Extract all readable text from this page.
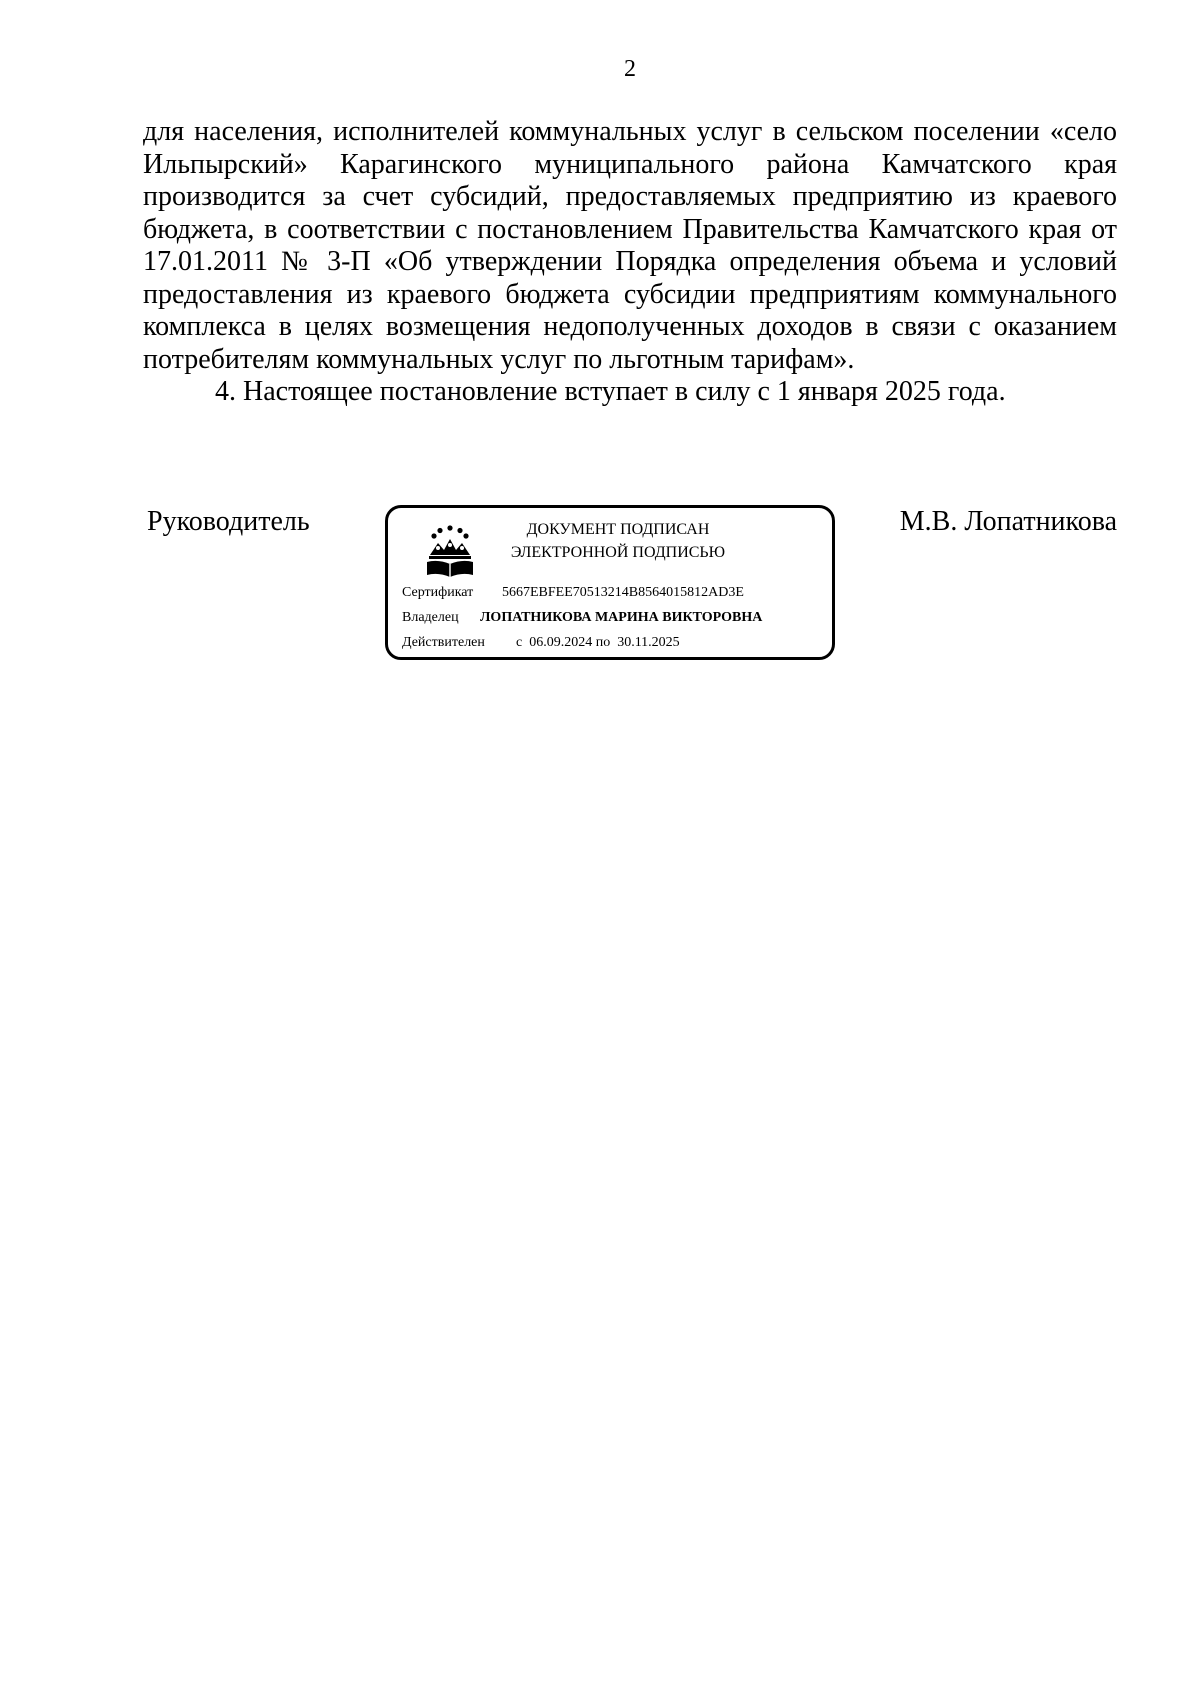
2

для населения, исполнителей коммунальных услуг в сельском поселении «село Ильпырский» Карагинского муниципального района Камчатского края производится за счет субсидий, предоставляемых предприятию из краевого бюджета, в соответствии с постановлением Правительства Камчатского края от 17.01.2011 № 3-П «Об утверждении Порядка определения объема и условий предоставления из краевого бюджета субсидии предприятиям коммунального комплекса в целях возмещения недополученных доходов в связи с оказанием потребителям коммунальных услуг по льготным тарифам».

4. Настоящее постановление вступает в силу с 1 января 2025 года.

Руководитель	ДОКУМЕНТ ПОДПИСАН
ЭЛЕКТРОННОЙ ПОДПИСЬЮ
Сертификат 5667EBFEE70513214B8564015812AD3E
Владелец ЛОПАТНИКОВА МАРИНА ВИКТОРОВНА
Действителен с  06.09.2024 по  30.11.2025
М.В. Лопатникова
